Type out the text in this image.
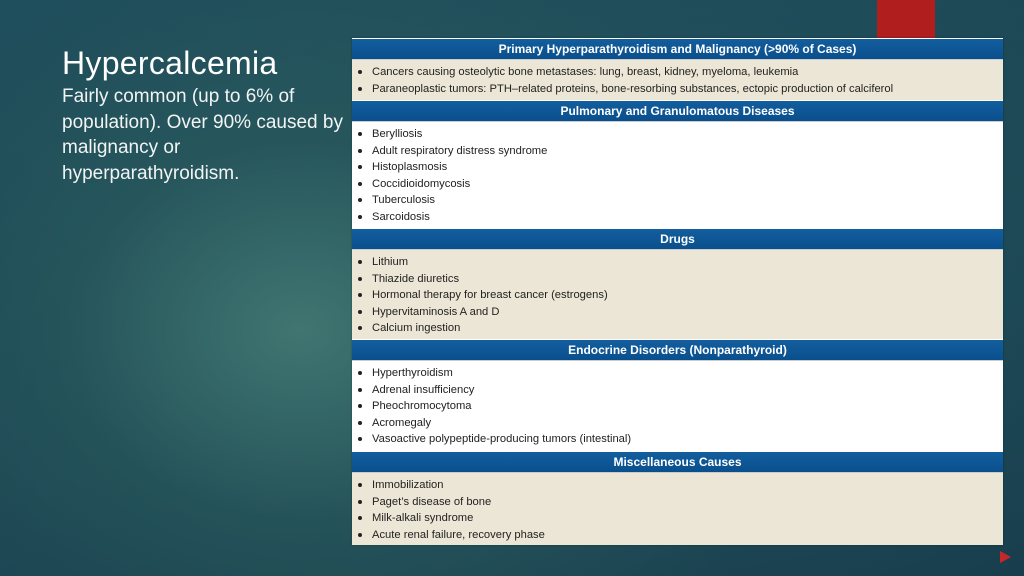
Hypercalcemia

Fairly common (up to 6% of population). Over 90% caused by malignancy or hyperparathyroidism.

Primary Hyperparathyroidism and Malignancy (>90% of Cases)
Cancers causing osteolytic bone metastases: lung, breast, kidney, myeloma, leukemia
Paraneoplastic tumors: PTH–related proteins, bone-resorbing substances, ectopic production of calciferol
Pulmonary and Granulomatous Diseases
Berylliosis
Adult respiratory distress syndrome
Histoplasmosis
Coccidioidomycosis
Tuberculosis
Sarcoidosis
Drugs
Lithium
Thiazide diuretics
Hormonal therapy for breast cancer (estrogens)
Hypervitaminosis A and D
Calcium ingestion
Endocrine Disorders (Nonparathyroid)
Hyperthyroidism
Adrenal insufficiency
Pheochromocytoma
Acromegaly
Vasoactive polypeptide-producing tumors (intestinal)
Miscellaneous Causes
Immobilization
Paget’s disease of bone
Milk-alkali syndrome
Acute renal failure, recovery phase
